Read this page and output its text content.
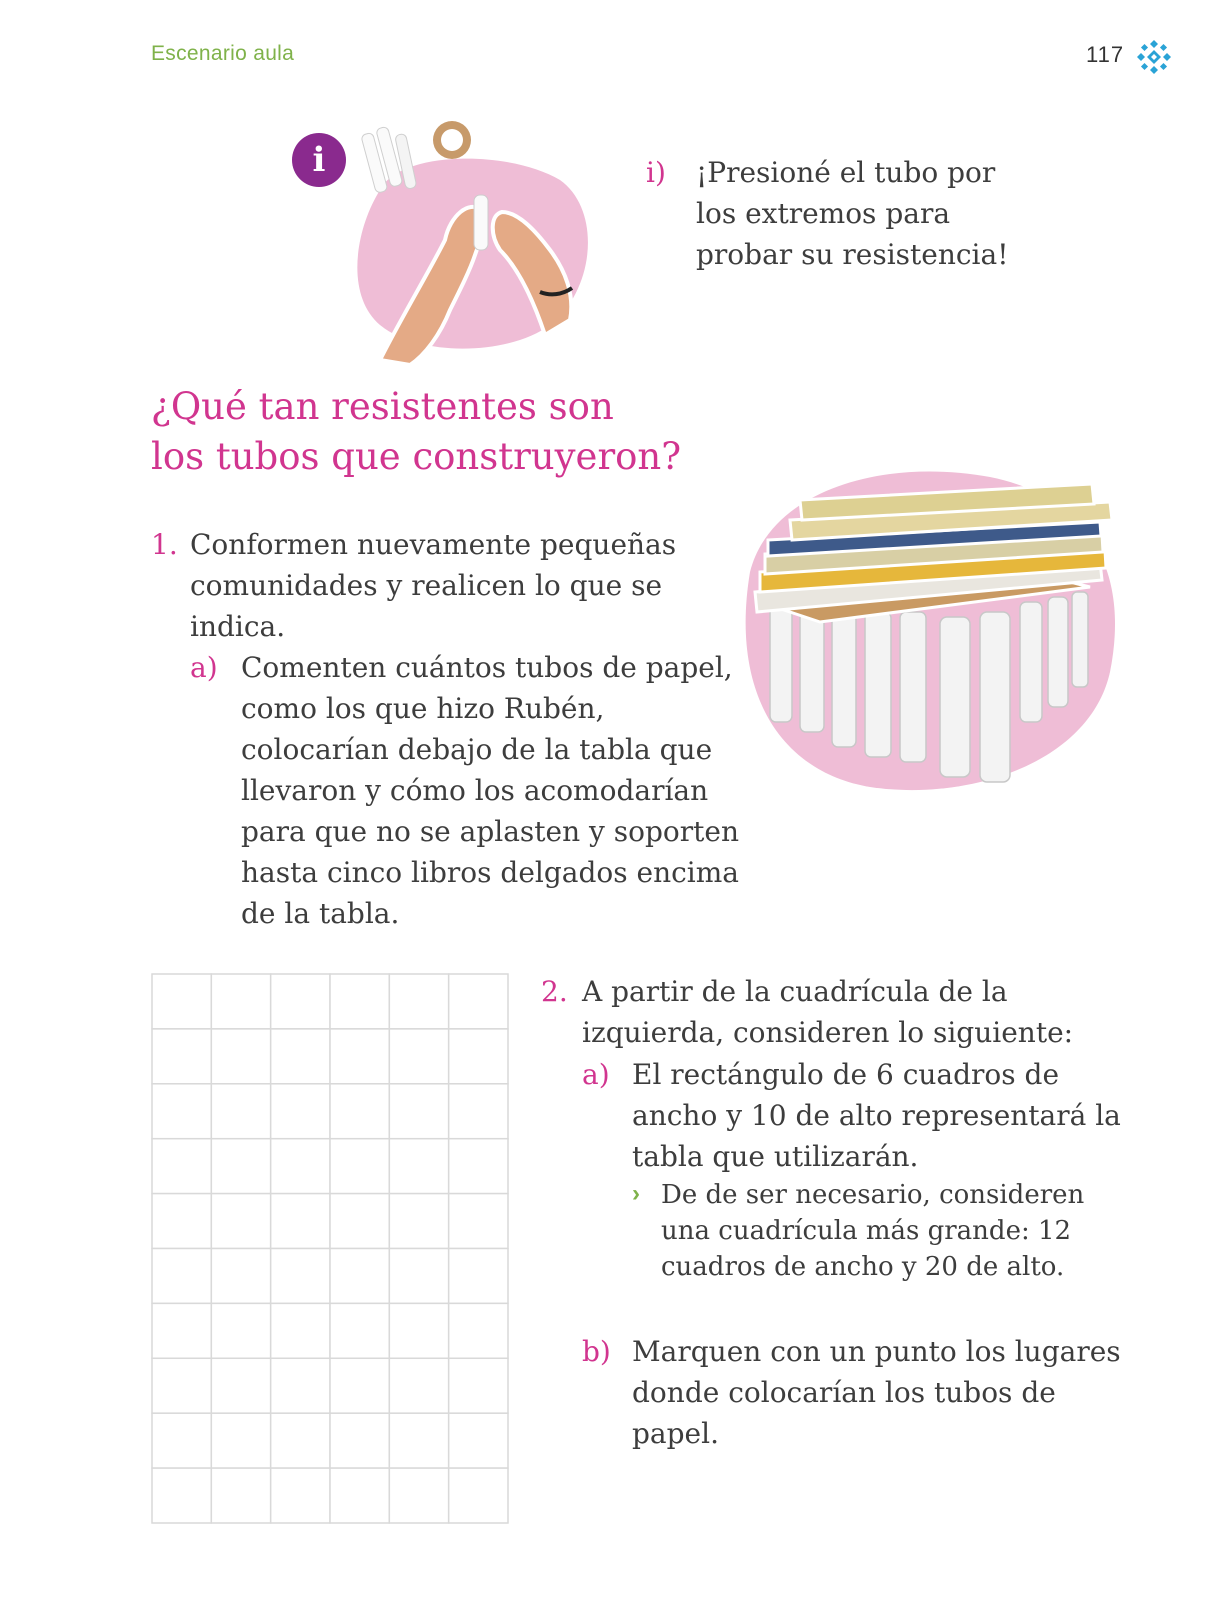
Escenario aula	117
i	i) ¡Presioné el tubo por los extremos para probar su resistencia!
¿Qué tan resistentes son
los tubos que construyeron?
1. Conformen nuevamente pequeñas comunidades y realicen lo que se indica.
a) Comenten cuántos tubos de papel, como los que hizo Rubén, colocarían debajo de la tabla que llevaron y cómo los acomodarían para que no se aplasten y soporten hasta cinco libros delgados encima de la tabla.
2. A partir de la cuadrícula de la izquierda, consideren lo siguiente:
a) El rectángulo de 6 cuadros de ancho y 10 de alto representará la tabla que utilizarán.
› De de ser necesario, consideren una cuadrícula más grande: 12 cuadros de ancho y 20 de alto.
b) Marquen con un punto los lugares donde colocarían los tubos de papel.
